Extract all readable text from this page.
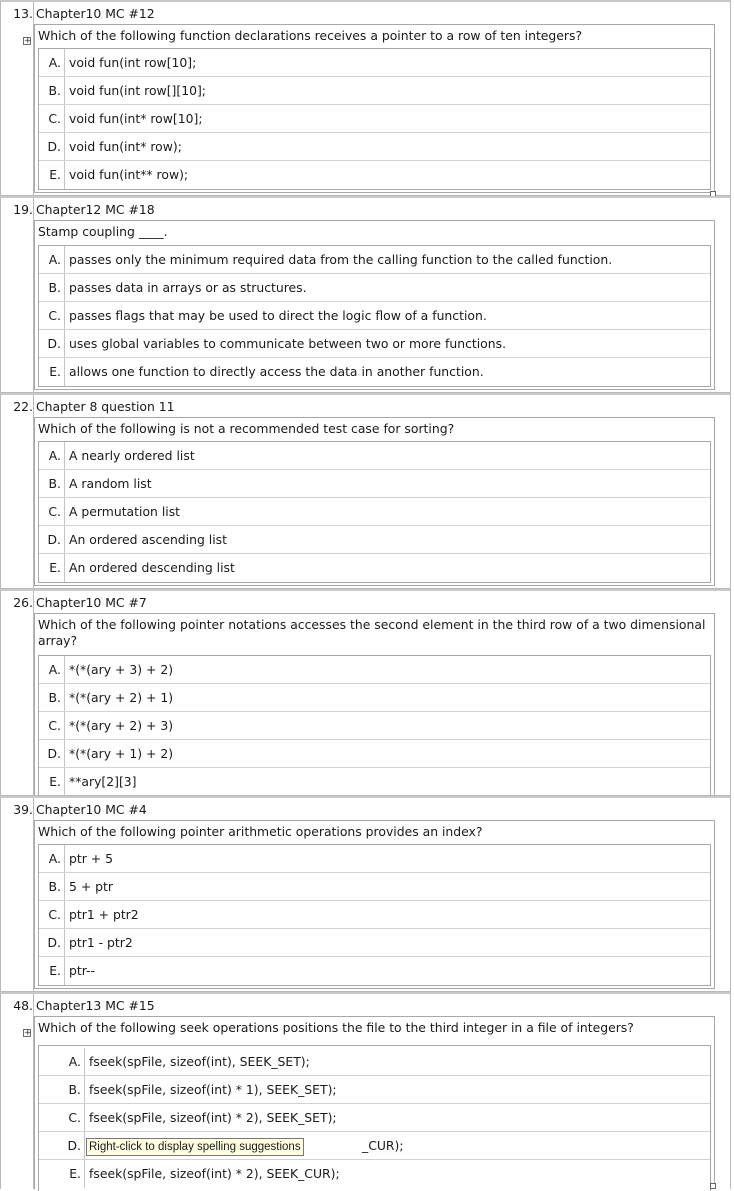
13. Chapter10 MC #12
Which of the following function declarations receives a pointer to a row of ten integers?
A. void fun(int row[10];
B. void fun(int row[][10];
C. void fun(int* row[10];
D. void fun(int* row);
E. void fun(int** row);
+
19. Chapter12 MC #18
Stamp coupling ____.
A. passes only the minimum required data from the calling function to the called function.
B. passes data in arrays or as structures.
C. passes flags that may be used to direct the logic flow of a function.
D. uses global variables to communicate between two or more functions.
E. allows one function to directly access the data in another function.
22. Chapter 8 question 11
Which of the following is not a recommended test case for sorting?
A. A nearly ordered list
B. A random list
C. A permutation list
D. An ordered ascending list
E. An ordered descending list
26. Chapter10 MC #7
Which of the following pointer notations accesses the second element in the third row of a two dimensional array?
A. *(*(ary + 3) + 2)
B. *(*(ary + 2) + 1)
C. *(*(ary + 2) + 3)
D. *(*(ary + 1) + 2)
E. **ary[2][3]
39. Chapter10 MC #4
Which of the following pointer arithmetic operations provides an index?
A. ptr + 5
B. 5 + ptr
C. ptr1 + ptr2
D. ptr1 - ptr2
E. ptr--
48. Chapter13 MC #15
Which of the following seek operations positions the file to the third integer in a file of integers?
A. fseek(spFile, sizeof(int), SEEK_SET);
B. fseek(spFile, sizeof(int) * 1), SEEK_SET);
C. fseek(spFile, sizeof(int) * 2), SEEK_SET);
D.	_CUR);
E. fseek(spFile, sizeof(int) * 2), SEEK_CUR);
+
Right-click to display spelling suggestions
